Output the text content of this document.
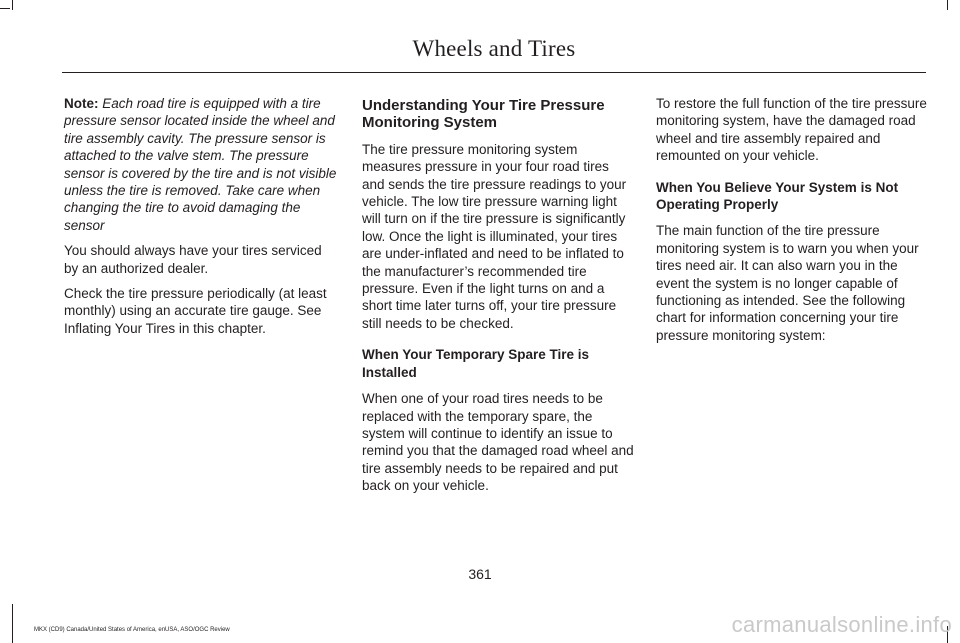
Wheels and Tires

Note: Each road tire is equipped with a tire pressure sensor located inside the wheel and tire assembly cavity. The pressure sensor is attached to the valve stem. The pressure sensor is covered by the tire and is not visible unless the tire is removed. Take care when changing the tire to avoid damaging the sensor

You should always have your tires serviced by an authorized dealer.

Check the tire pressure periodically (at least monthly) using an accurate tire gauge. See Inflating Your Tires in this chapter.

Understanding Your Tire Pressure Monitoring System

The tire pressure monitoring system measures pressure in your four road tires and sends the tire pressure readings to your vehicle. The low tire pressure warning light will turn on if the tire pressure is significantly low. Once the light is illuminated, your tires are under-inflated and need to be inflated to the manufacturer’s recommended tire pressure. Even if the light turns on and a short time later turns off, your tire pressure still needs to be checked.

When Your Temporary Spare Tire is Installed

When one of your road tires needs to be replaced with the temporary spare, the system will continue to identify an issue to remind you that the damaged road wheel and tire assembly needs to be repaired and put back on your vehicle.

To restore the full function of the tire pressure monitoring system, have the damaged road wheel and tire assembly repaired and remounted on your vehicle.

When You Believe Your System is Not Operating Properly

The main function of the tire pressure monitoring system is to warn you when your tires need air. It can also warn you in the event the system is no longer capable of functioning as intended. See the following chart for information concerning your tire pressure monitoring system:

361
MKX (CD9) Canada/United States of America, enUSA, ASO/OGC Review	carmanualsonline.info
